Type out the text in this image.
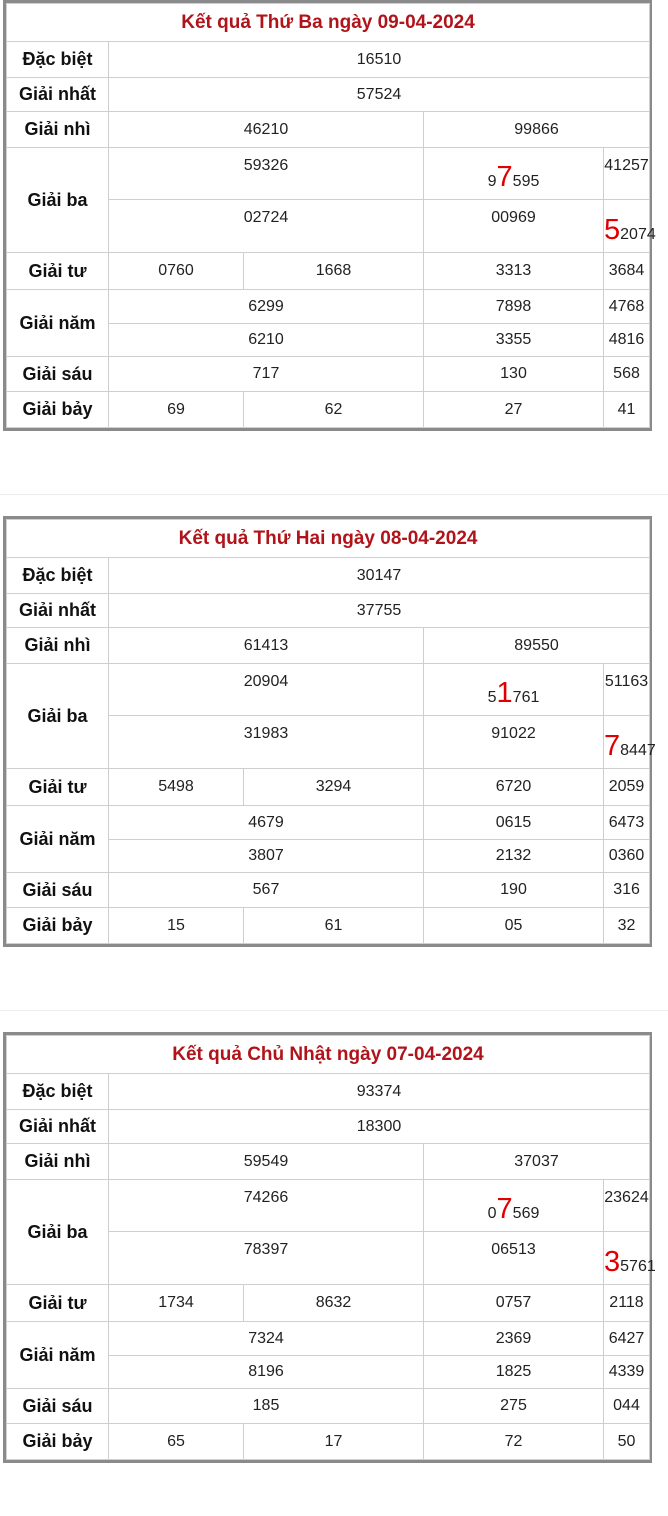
Kết quả Thứ Ba ngày 09-04-2024				
Đặc biệt	16510			
Giải nhất	57524			
Giải nhì	46210		99866	
Giải ba	59326		97595	41257
	02724		00969	52074
Giải tư	0760	1668	3313	3684
Giải năm	6299		7898	4768
	6210		3355	4816
Giải sáu	717		130	568
Giải bảy	69	62	27	41
Kết quả Thứ Hai ngày 08-04-2024				
Đặc biệt	30147			
Giải nhất	37755			
Giải nhì	61413		89550	
Giải ba	20904		51761	51163
	31983		91022	78447
Giải tư	5498	3294	6720	2059
Giải năm	4679		0615	6473
	3807		2132	0360
Giải sáu	567		190	316
Giải bảy	15	61	05	32
Kết quả Chủ Nhật ngày 07-04-2024				
Đặc biệt	93374			
Giải nhất	18300			
Giải nhì	59549		37037	
Giải ba	74266		07569	23624
	78397		06513	35761
Giải tư	1734	8632	0757	2118
Giải năm	7324		2369	6427
	8196		1825	4339
Giải sáu	185		275	044
Giải bảy	65	17	72	50
